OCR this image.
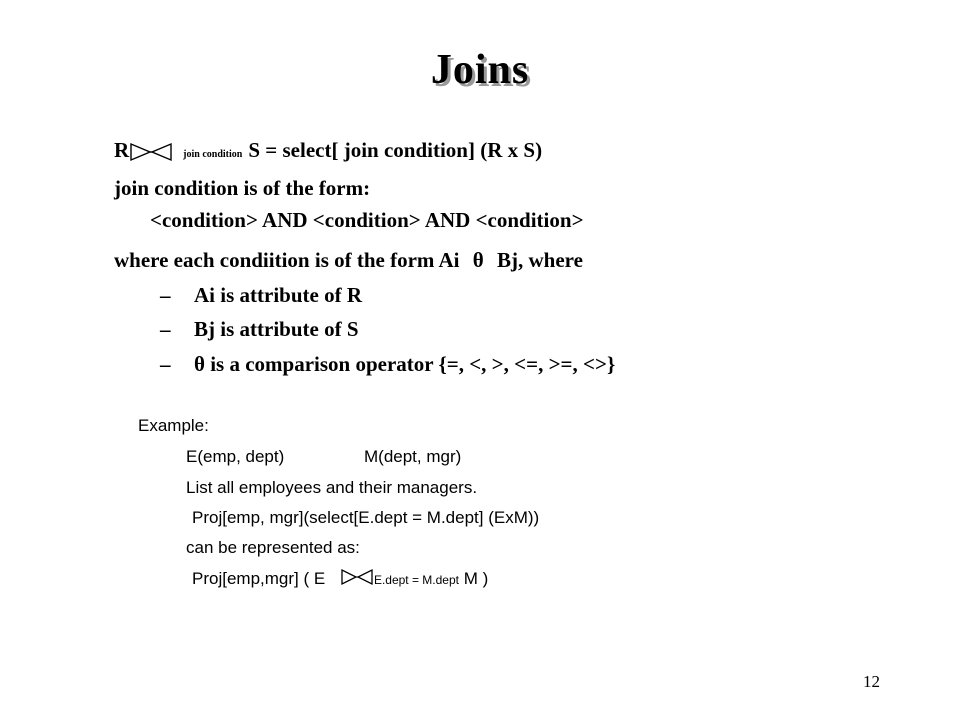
Joins
R	join condition S = select[ join condition] (R x S)
join condition is of the form:
<condition> AND <condition> AND <condition>
where each condiition is of the form Ai θ Bj, where
– Ai is attribute of R
– Bj is attribute of S
– θ is a comparison operator {=, <, >, <=, >=, <>}
Example:
E(emp, dept)	M(dept, mgr)
List all employees and their managers.
Proj[emp, mgr](select[E.dept = M.dept] (ExM))
can be represented as:
Proj[emp,mgr] ( E	E.dept = M.dept M )
12
